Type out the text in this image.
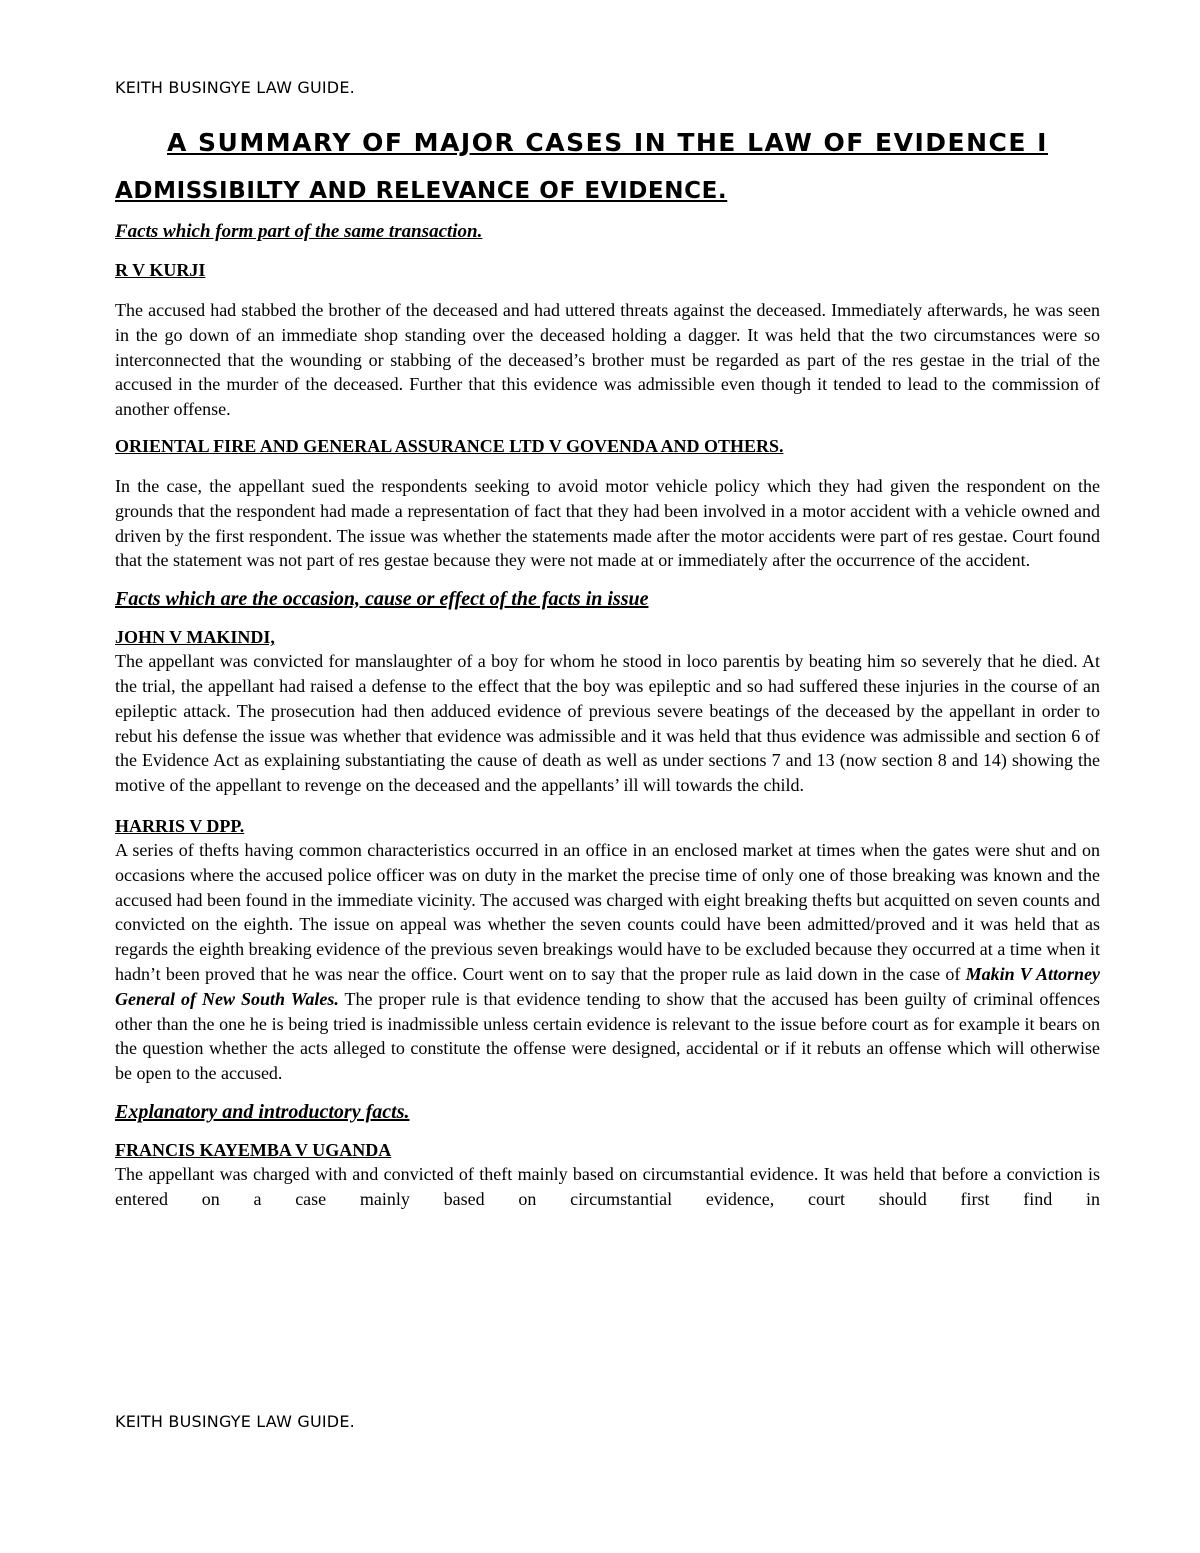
KEITH BUSINGYE LAW GUIDE.
A SUMMARY OF MAJOR CASES IN THE LAW OF EVIDENCE I
ADMISSIBILTY AND RELEVANCE OF EVIDENCE.
Facts which form part of the same transaction.
R V KURJI

The accused had stabbed the brother of the deceased and had uttered threats against the deceased. Immediately afterwards, he was seen in the go down of an immediate shop standing over the deceased holding a dagger. It was held that the two circumstances were so interconnected that the wounding or stabbing of the deceased’s brother must be regarded as part of the res gestae in the trial of the accused in the murder of the deceased. Further that this evidence was admissible even though it tended to lead to the commission of another offense.

ORIENTAL FIRE AND GENERAL ASSURANCE LTD V GOVENDA AND OTHERS.

In the case, the appellant sued the respondents seeking to avoid motor vehicle policy which they had given the respondent on the grounds that the respondent had made a representation of fact that they had been involved in a motor accident with a vehicle owned and driven by the first respondent. The issue was whether the statements made after the motor accidents were part of res gestae. Court found that the statement was not part of res gestae because they were not made at or immediately after the occurrence of the accident.

Facts which are the occasion, cause or effect of the facts in issue
JOHN V MAKINDI,

The appellant was convicted for manslaughter of a boy for whom he stood in loco parentis by beating him so severely that he died. At the trial, the appellant had raised a defense to the effect that the boy was epileptic and so had suffered these injuries in the course of an epileptic attack. The prosecution had then adduced evidence of previous severe beatings of the deceased by the appellant in order to rebut his defense the issue was whether that evidence was admissible and it was held that thus evidence was admissible and section 6 of the Evidence Act as explaining substantiating the cause of death as well as under sections 7 and 13 (now section 8 and 14) showing the motive of the appellant to revenge on the deceased and the appellants’ ill will towards the child.

HARRIS V DPP.

A series of thefts having common characteristics occurred in an office in an enclosed market at times when the gates were shut and on occasions where the accused police officer was on duty in the market the precise time of only one of those breaking was known and the accused had been found in the immediate vicinity. The accused was charged with eight breaking thefts but acquitted on seven counts and convicted on the eighth. The issue on appeal was whether the seven counts could have been admitted/proved and it was held that as regards the eighth breaking evidence of the previous seven breakings would have to be excluded because they occurred at a time when it hadn’t been proved that he was near the office. Court went on to say that the proper rule as laid down in the case of Makin V Attorney General of New South Wales. The proper rule is that evidence tending to show that the accused has been guilty of criminal offences other than the one he is being tried is inadmissible unless certain evidence is relevant to the issue before court as for example it bears on the question whether the acts alleged to constitute the offense were designed, accidental or if it rebuts an offense which will otherwise be open to the accused.

Explanatory and introductory facts.
FRANCIS KAYEMBA V UGANDA

The appellant was charged with and convicted of theft mainly based on circumstantial evidence. It was held that before a conviction is entered on a case mainly based on circumstantial evidence, court should first find in

KEITH BUSINGYE LAW GUIDE.
